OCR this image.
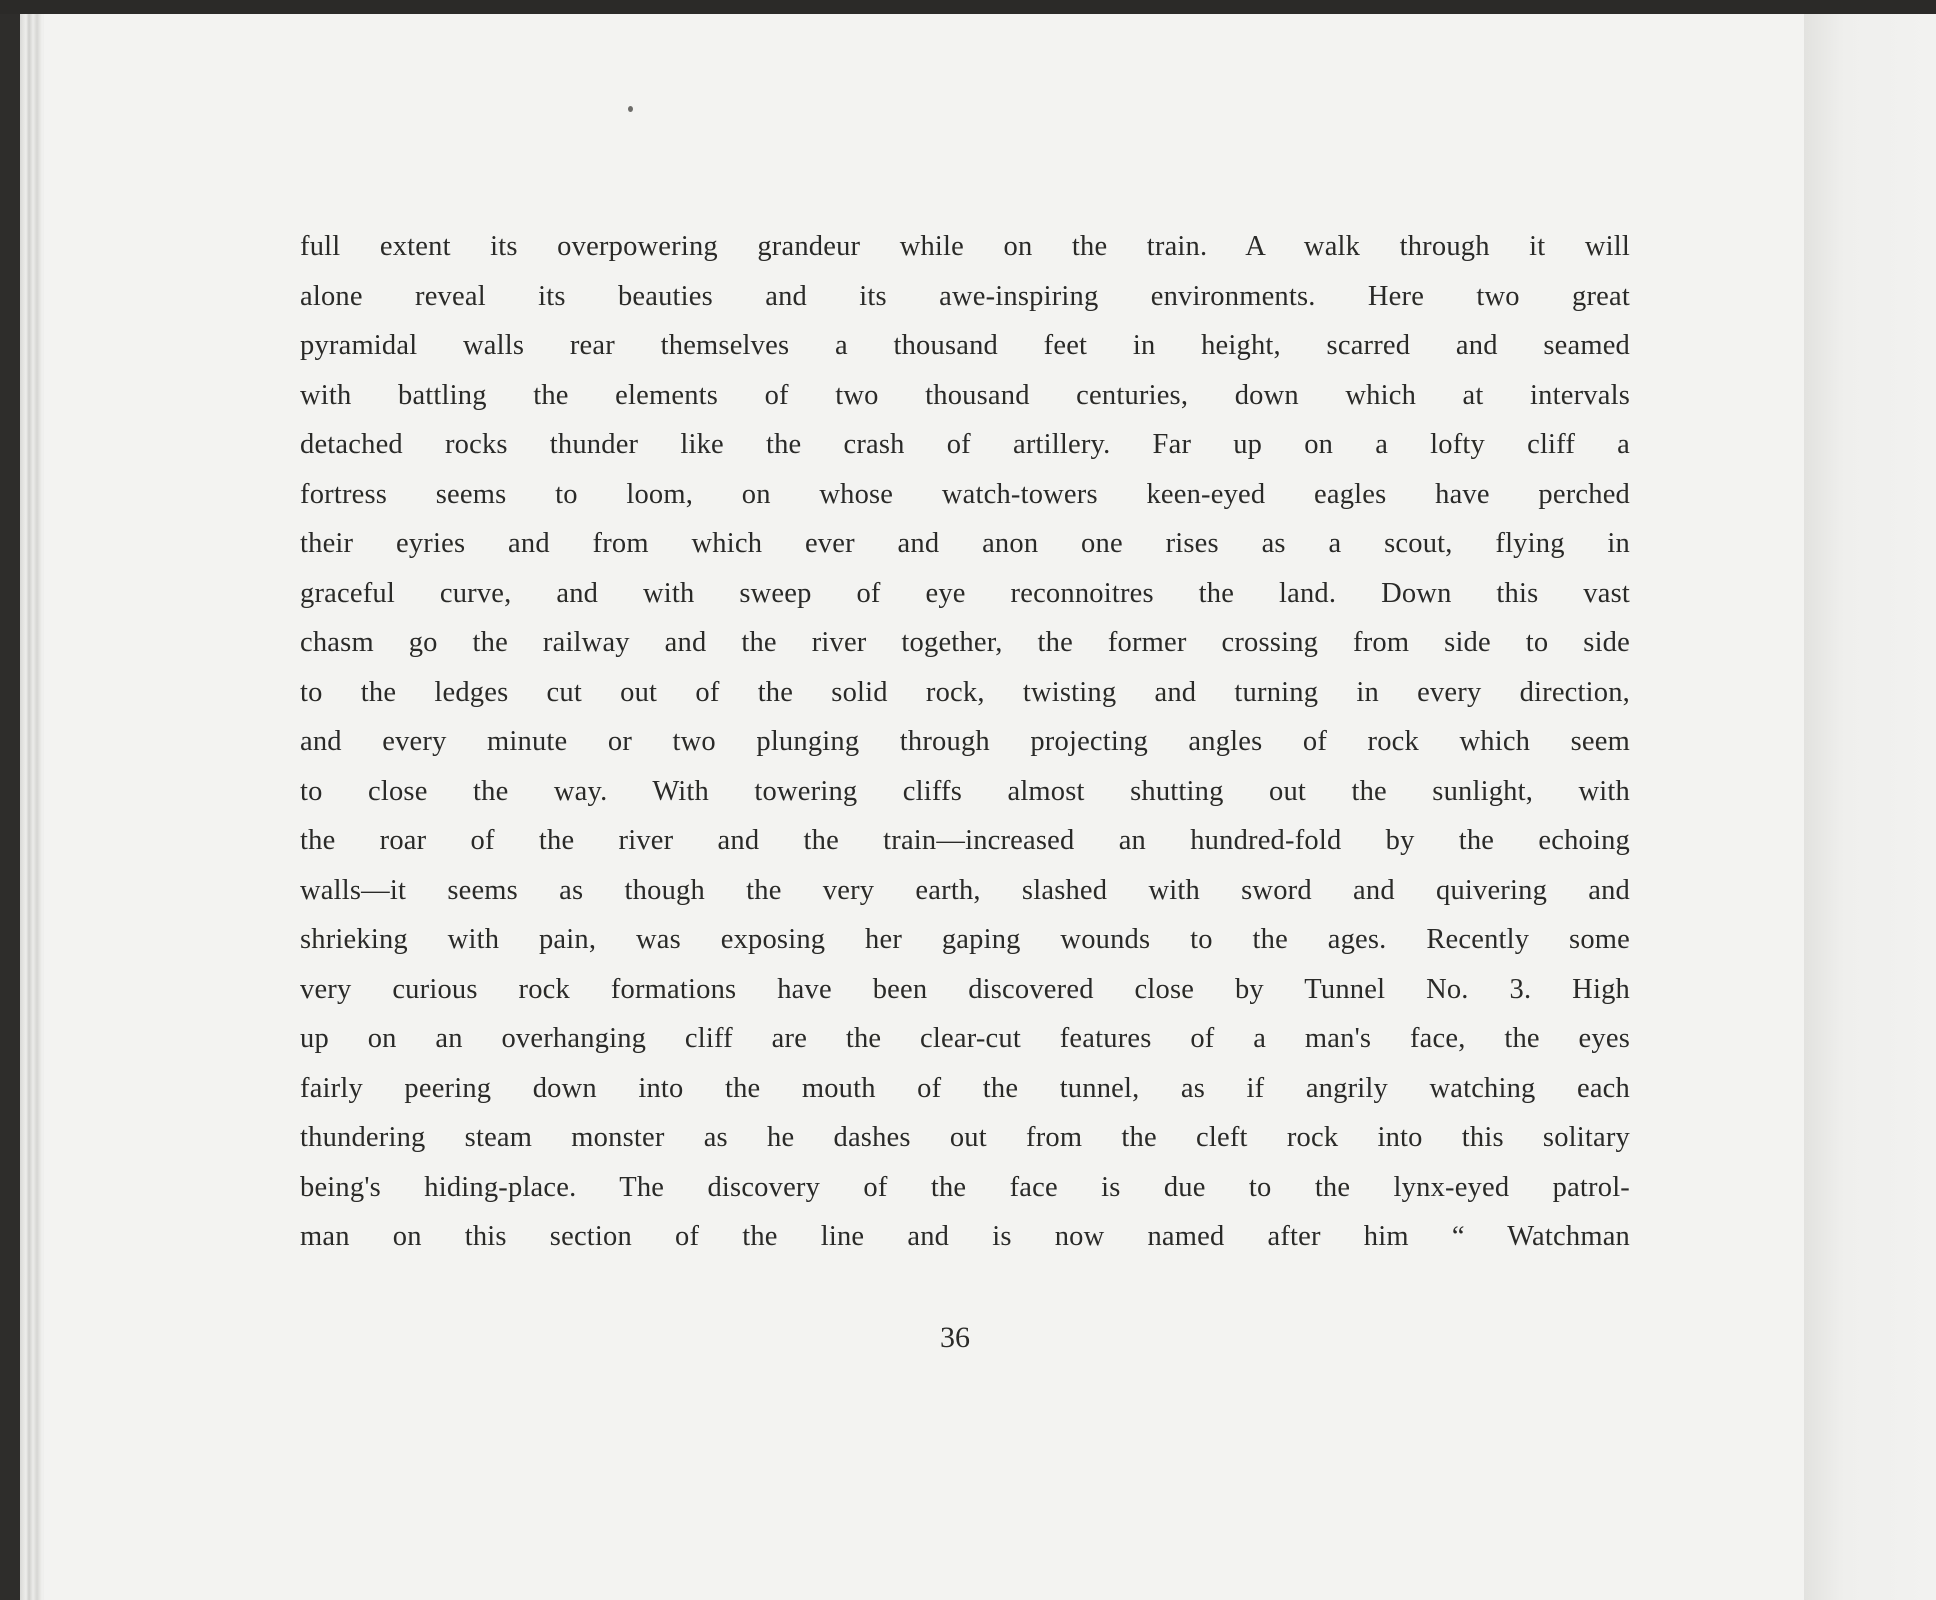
full extent its overpowering grandeur while on the train. A walk through it will
alone reveal its beauties and its awe-inspiring environments. Here two great
pyramidal walls rear themselves a thousand feet in height, scarred and seamed
with battling the elements of two thousand centuries, down which at intervals
detached rocks thunder like the crash of artillery. Far up on a lofty cliff a
fortress seems to loom, on whose watch-towers keen-eyed eagles have perched
their eyries and from which ever and anon one rises as a scout, flying in
graceful curve, and with sweep of eye reconnoitres the land. Down this vast
chasm go the railway and the river together, the former crossing from side to side
to the ledges cut out of the solid rock, twisting and turning in every direction,
and every minute or two plunging through projecting angles of rock which seem
to close the way. With towering cliffs almost shutting out the sunlight, with
the roar of the river and the train—increased an hundred-fold by the echoing
walls—it seems as though the very earth, slashed with sword and quivering and
shrieking with pain, was exposing her gaping wounds to the ages. Recently some
very curious rock formations have been discovered close by Tunnel No. 3. High
up on an overhanging cliff are the clear-cut features of a man's face, the eyes
fairly peering down into the mouth of the tunnel, as if angrily watching each
thundering steam monster as he dashes out from the cleft rock into this solitary
being's hiding-place. The discovery of the face is due to the lynx-eyed patrol-
man on this section of the line and is now named after him “ Watchman
36
